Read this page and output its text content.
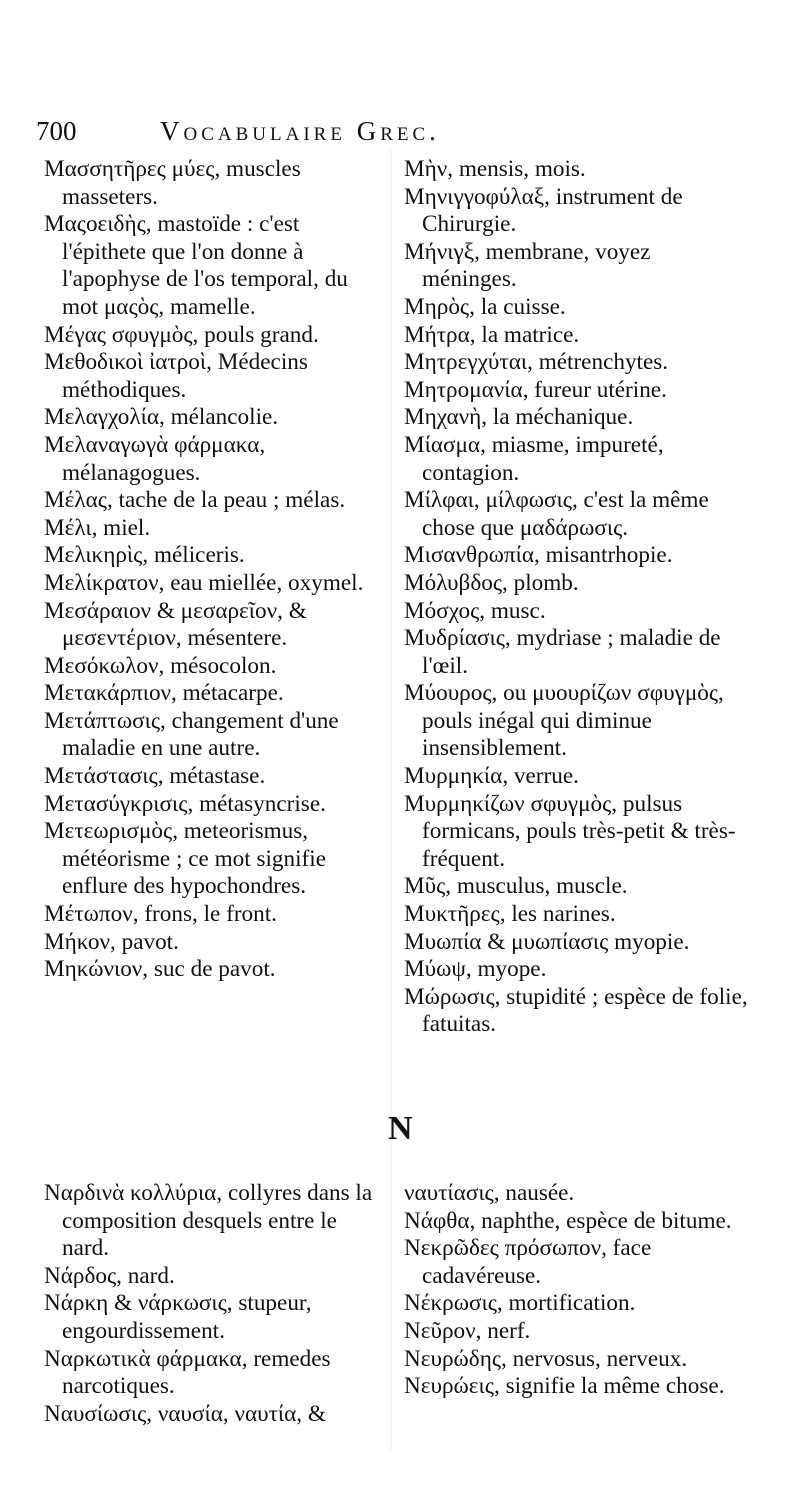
700	Vocabulaire Grec.

Μασσητῆρες μύες, muscles masseters.

Μαςοειδὴς, mastoïde : c'est l'épithete que l'on donne à l'apophyse de l'os temporal, du mot μαςὸς, mamelle.

Μέγας σφυγμὸς, pouls grand.

Μεθοδικοὶ ἰατροὶ, Médecins méthodiques.

Μελαγχολία, mélancolie.

Μελαναγωγὰ φάρμακα, mélanagogues.

Μέλας, tache de la peau ; mélas.

Μέλι, miel.

Μελικηρὶς, méliceris.

Μελίκρατον, eau miellée, oxymel.

Μεσάραιον & μεσαρεῖον, & μεσεντέριον, mésentere.

Μεσόκωλον, mésocolon.

Μετακάρπιον, métacarpe.

Μετάπτωσις, changement d'une maladie en une autre.

Μετάστασις, métastase.

Μετασύγκρισις, métasyncrise.

Μετεωρισμὸς, meteorismus, météorisme ; ce mot signifie enflure des hypochondres.

Μέτωπον, frons, le front.

Μήκον, pavot.

Μηκώνιον, suc de pavot.

Μὴν, mensis, mois.

Μηνιγγοφύλαξ, instrument de Chirurgie.

Μήνιγξ, membrane, voyez méninges.

Μηρὸς, la cuisse.

Μήτρα, la matrice.

Μητρεγχύται, métrenchytes.

Μητρομανία, fureur utérine.

Μηχανὴ, la méchanique.

Μίασμα, miasme, impureté, contagion.

Μίλφαι, μίλφωσις, c'est la même chose que μαδάρωσις.

Μισανθρωπία, misantrhopie.

Μόλυβδος, plomb.

Μόσχος, musc.

Μυδρίασις, mydriase ; maladie de l'œil.

Μύουρος, ou μυουρίζων σφυγμὸς, pouls inégal qui diminue insensiblement.

Μυρμηκία, verrue.

Μυρμηκίζων σφυγμὸς, pulsus formicans, pouls très-petit & très-fréquent.

Μῦς, musculus, muscle.

Μυκτῆρες, les narines.

Μυωπία & μυωπίασις myopie.

Μύωψ, myope.

Μώρωσις, stupidité ; espèce de folie, fatuitas.

N

Ναρδινὰ κολλύρια, collyres dans la composition desquels entre le nard.

Νάρδος, nard.

Νάρκη & νάρκωσις, stupeur, engourdissement.

Ναρκωτικὰ φάρμακα, remedes narcotiques.

Ναυσίωσις, ναυσία, ναυτία, &

ναυτίασις, nausée.

Νάφθα, naphthe, espèce de bitume.

Νεκρῶδες πρόσωπον, face cadavéreuse.

Νέκρωσις, mortification.

Νεῦρον, nerf.

Νευρώδης, nervosus, nerveux.

Νευρώεις, signifie la même chose.
